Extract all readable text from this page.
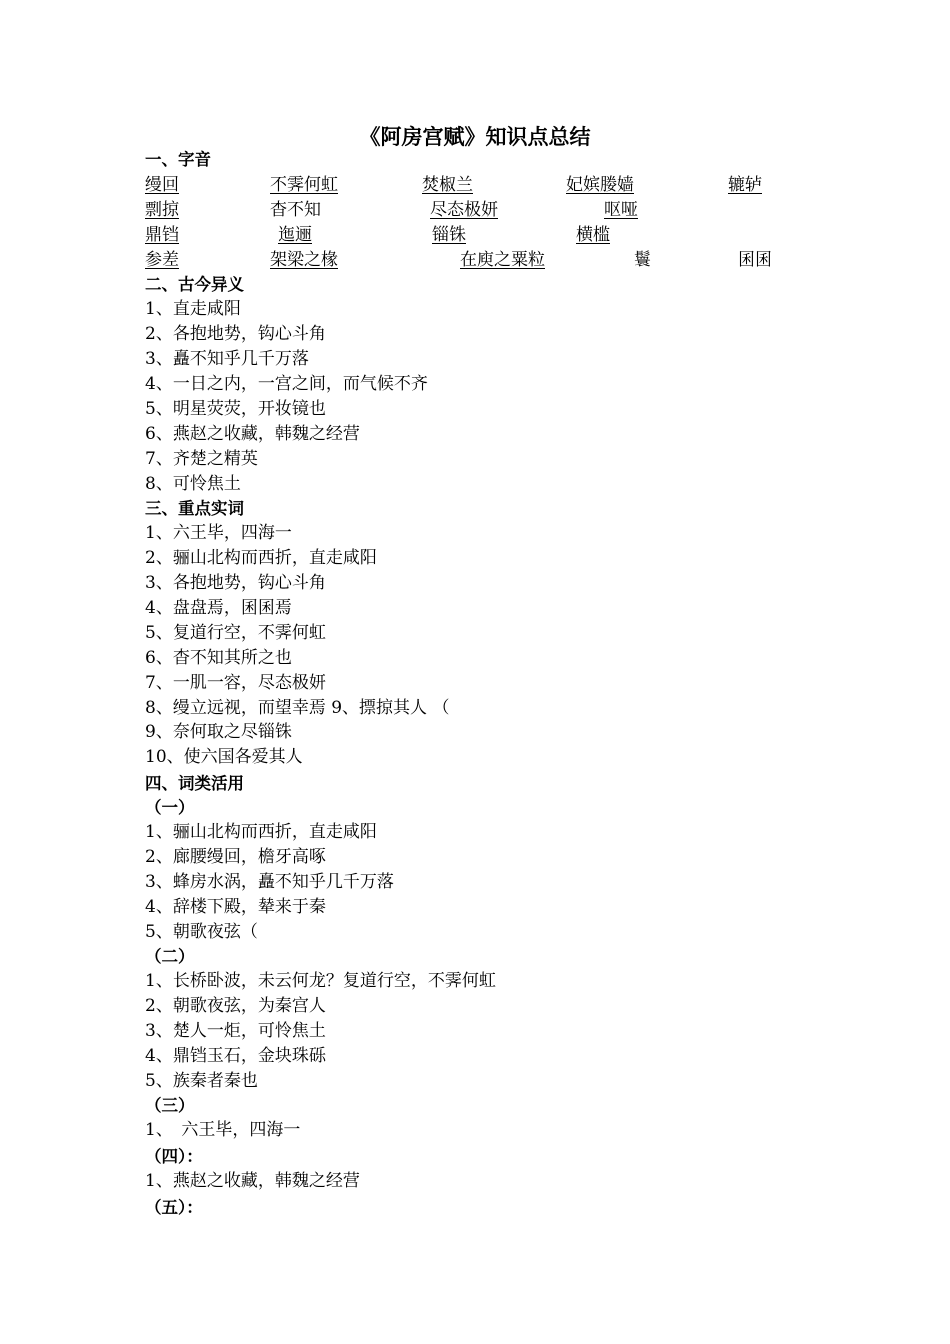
《阿房宫赋》知识点总结
一、字音
缦回	不霁何虹	焚椒兰	妃嫔媵嫱	辘轳
剽掠	杳不知	尽态极妍	呕哑
鼎铛	迤逦	锱铢	横槛
参差	架梁之椽	在庾之粟粒	鬟	囷囷
二、古今异义
1、直走咸阳
2、各抱地势，钩心斗角
3、矗不知乎几千万落
4、一日之内，一宫之间，而气候不齐
5、明星荧荧，开妆镜也
6、燕赵之收藏，韩魏之经营
7、齐楚之精英
8、可怜焦土
三、重点实词
1、六王毕，四海一
2、骊山北构而西折，直走咸阳
3、各抱地势，钩心斗角
4、盘盘焉，囷囷焉
5、复道行空，不霁何虹
6、杳不知其所之也
7、一肌一容，尽态极妍
8、缦立远视，而望幸焉 9、摽掠其人 （
9、奈何取之尽锱铢
10、使六国各爱其人
四、词类活用
（一）
1、骊山北构而西折，直走咸阳
2、廊腰缦回，檐牙高啄
3、蜂房水涡，矗不知乎几千万落
4、辞楼下殿，辇来于秦
5、朝歌夜弦（
（二）
1、长桥卧波，未云何龙？复道行空，不霁何虹
2、朝歌夜弦，为秦宫人
3、楚人一炬，可怜焦土
4、鼎铛玉石，金块珠砾
5、族秦者秦也
（三）
1、　六王毕，四海一
（四）：
1、燕赵之收藏，韩魏之经营
（五）：
